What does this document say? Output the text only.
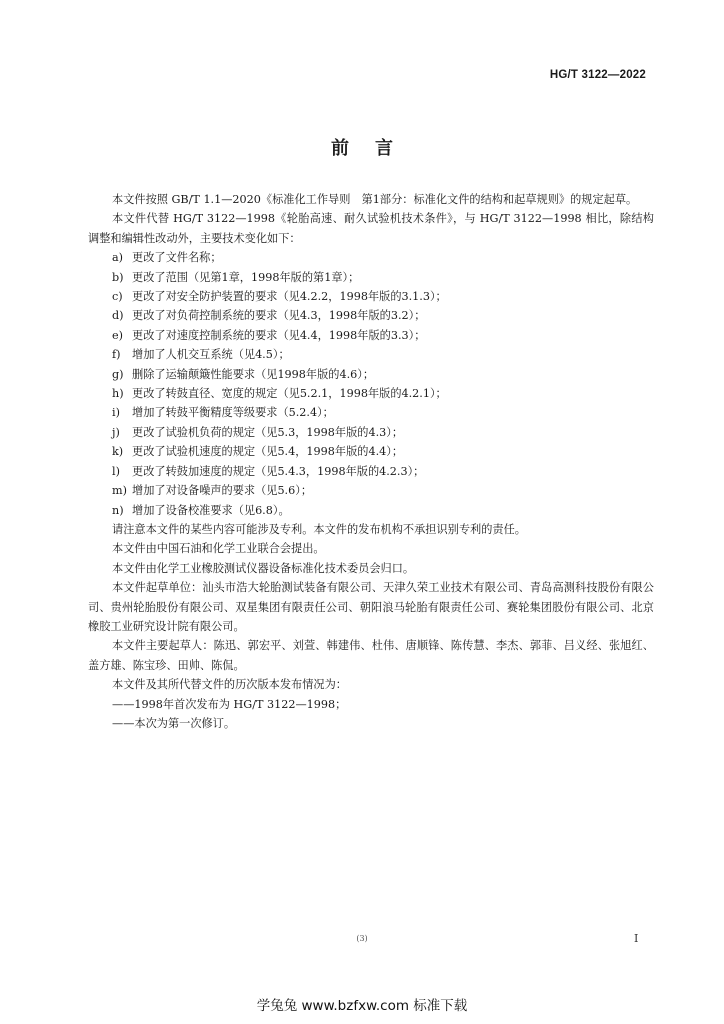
HG/T 3122—2022
前言

本文件按照 GB/T 1.1—2020《标准化工作导则　第1部分：标准化文件的结构和起草规则》的规定起草。

本文件代替 HG/T 3122—1998《轮胎高速、耐久试验机技术条件》，与 HG/T 3122—1998 相比，除结构调整和编辑性改动外，主要技术变化如下：

a) 更改了文件名称；

b) 更改了范围（见第1章，1998年版的第1章）；

c) 更改了对安全防护装置的要求（见4.2.2，1998年版的3.1.3）；

d) 更改了对负荷控制系统的要求（见4.3，1998年版的3.2）；

e) 更改了对速度控制系统的要求（见4.4，1998年版的3.3）；

f) 增加了人机交互系统（见4.5）；

g) 删除了运输颠簸性能要求（见1998年版的4.6）；

h) 更改了转鼓直径、宽度的规定（见5.2.1，1998年版的4.2.1）；

i) 增加了转鼓平衡精度等级要求（5.2.4）；

j) 更改了试验机负荷的规定（见5.3，1998年版的4.3）；

k) 更改了试验机速度的规定（见5.4，1998年版的4.4）；

l) 更改了转鼓加速度的规定（见5.4.3，1998年版的4.2.3）；

m) 增加了对设备噪声的要求（见5.6）；

n) 增加了设备校准要求（见6.8）。

请注意本文件的某些内容可能涉及专利。本文件的发布机构不承担识别专利的责任。

本文件由中国石油和化学工业联合会提出。

本文件由化学工业橡胶测试仪器设备标准化技术委员会归口。

本文件起草单位：汕头市浩大轮胎测试装备有限公司、天津久荣工业技术有限公司、青岛高测科技股份有限公司、贵州轮胎股份有限公司、双星集团有限责任公司、朝阳浪马轮胎有限责任公司、赛轮集团股份有限公司、北京橡胶工业研究设计院有限公司。

本文件主要起草人：陈迅、郭宏平、刘萱、韩建伟、杜伟、唐顺锋、陈传慧、李杰、郭菲、吕义经、张旭红、盖方雄、陈宝珍、田帅、陈侃。

本文件及其所代替文件的历次版本发布情况为：

——1998年首次发布为 HG/T 3122—1998；

——本次为第一次修订。

(3)	I
学兔兔 www.bzfxw.com 标准下载
